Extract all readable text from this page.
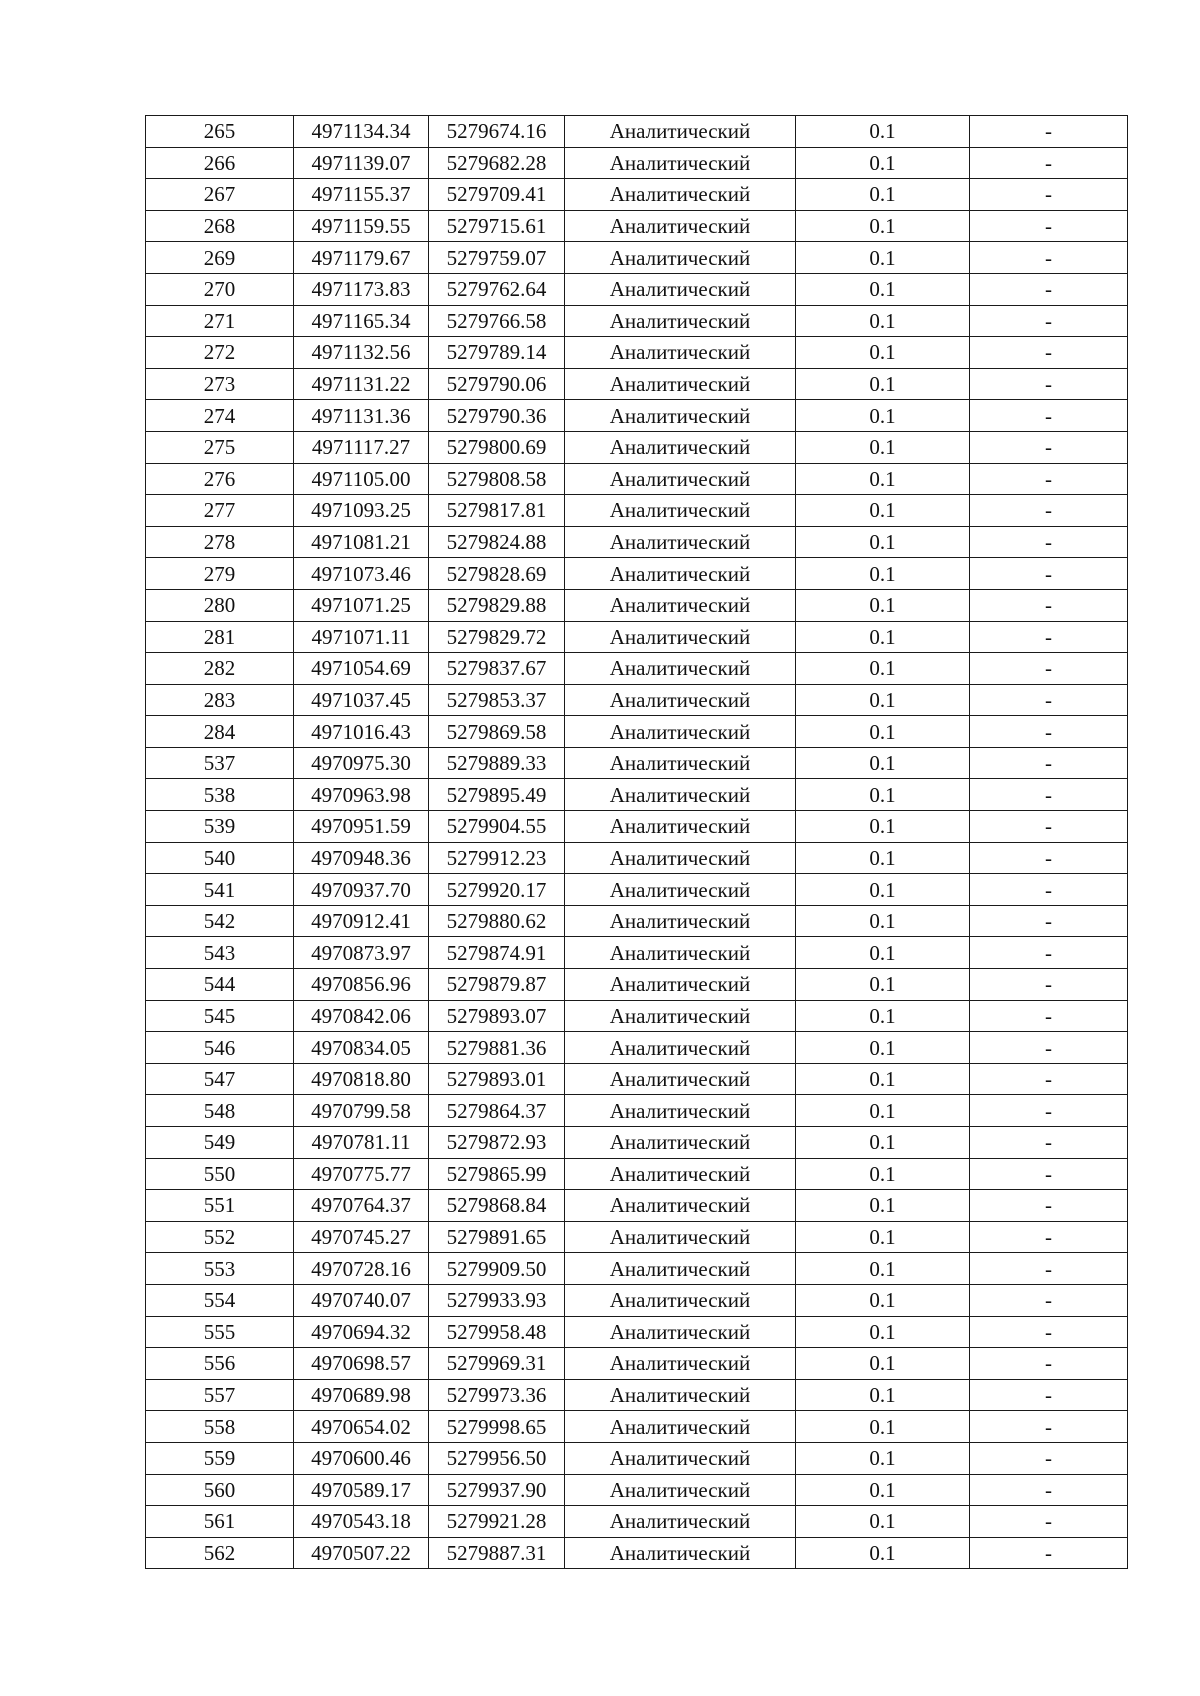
265	4971134.34	5279674.16	Аналитический	0.1	-
266	4971139.07	5279682.28	Аналитический	0.1	-
267	4971155.37	5279709.41	Аналитический	0.1	-
268	4971159.55	5279715.61	Аналитический	0.1	-
269	4971179.67	5279759.07	Аналитический	0.1	-
270	4971173.83	5279762.64	Аналитический	0.1	-
271	4971165.34	5279766.58	Аналитический	0.1	-
272	4971132.56	5279789.14	Аналитический	0.1	-
273	4971131.22	5279790.06	Аналитический	0.1	-
274	4971131.36	5279790.36	Аналитический	0.1	-
275	4971117.27	5279800.69	Аналитический	0.1	-
276	4971105.00	5279808.58	Аналитический	0.1	-
277	4971093.25	5279817.81	Аналитический	0.1	-
278	4971081.21	5279824.88	Аналитический	0.1	-
279	4971073.46	5279828.69	Аналитический	0.1	-
280	4971071.25	5279829.88	Аналитический	0.1	-
281	4971071.11	5279829.72	Аналитический	0.1	-
282	4971054.69	5279837.67	Аналитический	0.1	-
283	4971037.45	5279853.37	Аналитический	0.1	-
284	4971016.43	5279869.58	Аналитический	0.1	-
537	4970975.30	5279889.33	Аналитический	0.1	-
538	4970963.98	5279895.49	Аналитический	0.1	-
539	4970951.59	5279904.55	Аналитический	0.1	-
540	4970948.36	5279912.23	Аналитический	0.1	-
541	4970937.70	5279920.17	Аналитический	0.1	-
542	4970912.41	5279880.62	Аналитический	0.1	-
543	4970873.97	5279874.91	Аналитический	0.1	-
544	4970856.96	5279879.87	Аналитический	0.1	-
545	4970842.06	5279893.07	Аналитический	0.1	-
546	4970834.05	5279881.36	Аналитический	0.1	-
547	4970818.80	5279893.01	Аналитический	0.1	-
548	4970799.58	5279864.37	Аналитический	0.1	-
549	4970781.11	5279872.93	Аналитический	0.1	-
550	4970775.77	5279865.99	Аналитический	0.1	-
551	4970764.37	5279868.84	Аналитический	0.1	-
552	4970745.27	5279891.65	Аналитический	0.1	-
553	4970728.16	5279909.50	Аналитический	0.1	-
554	4970740.07	5279933.93	Аналитический	0.1	-
555	4970694.32	5279958.48	Аналитический	0.1	-
556	4970698.57	5279969.31	Аналитический	0.1	-
557	4970689.98	5279973.36	Аналитический	0.1	-
558	4970654.02	5279998.65	Аналитический	0.1	-
559	4970600.46	5279956.50	Аналитический	0.1	-
560	4970589.17	5279937.90	Аналитический	0.1	-
561	4970543.18	5279921.28	Аналитический	0.1	-
562	4970507.22	5279887.31	Аналитический	0.1	-
